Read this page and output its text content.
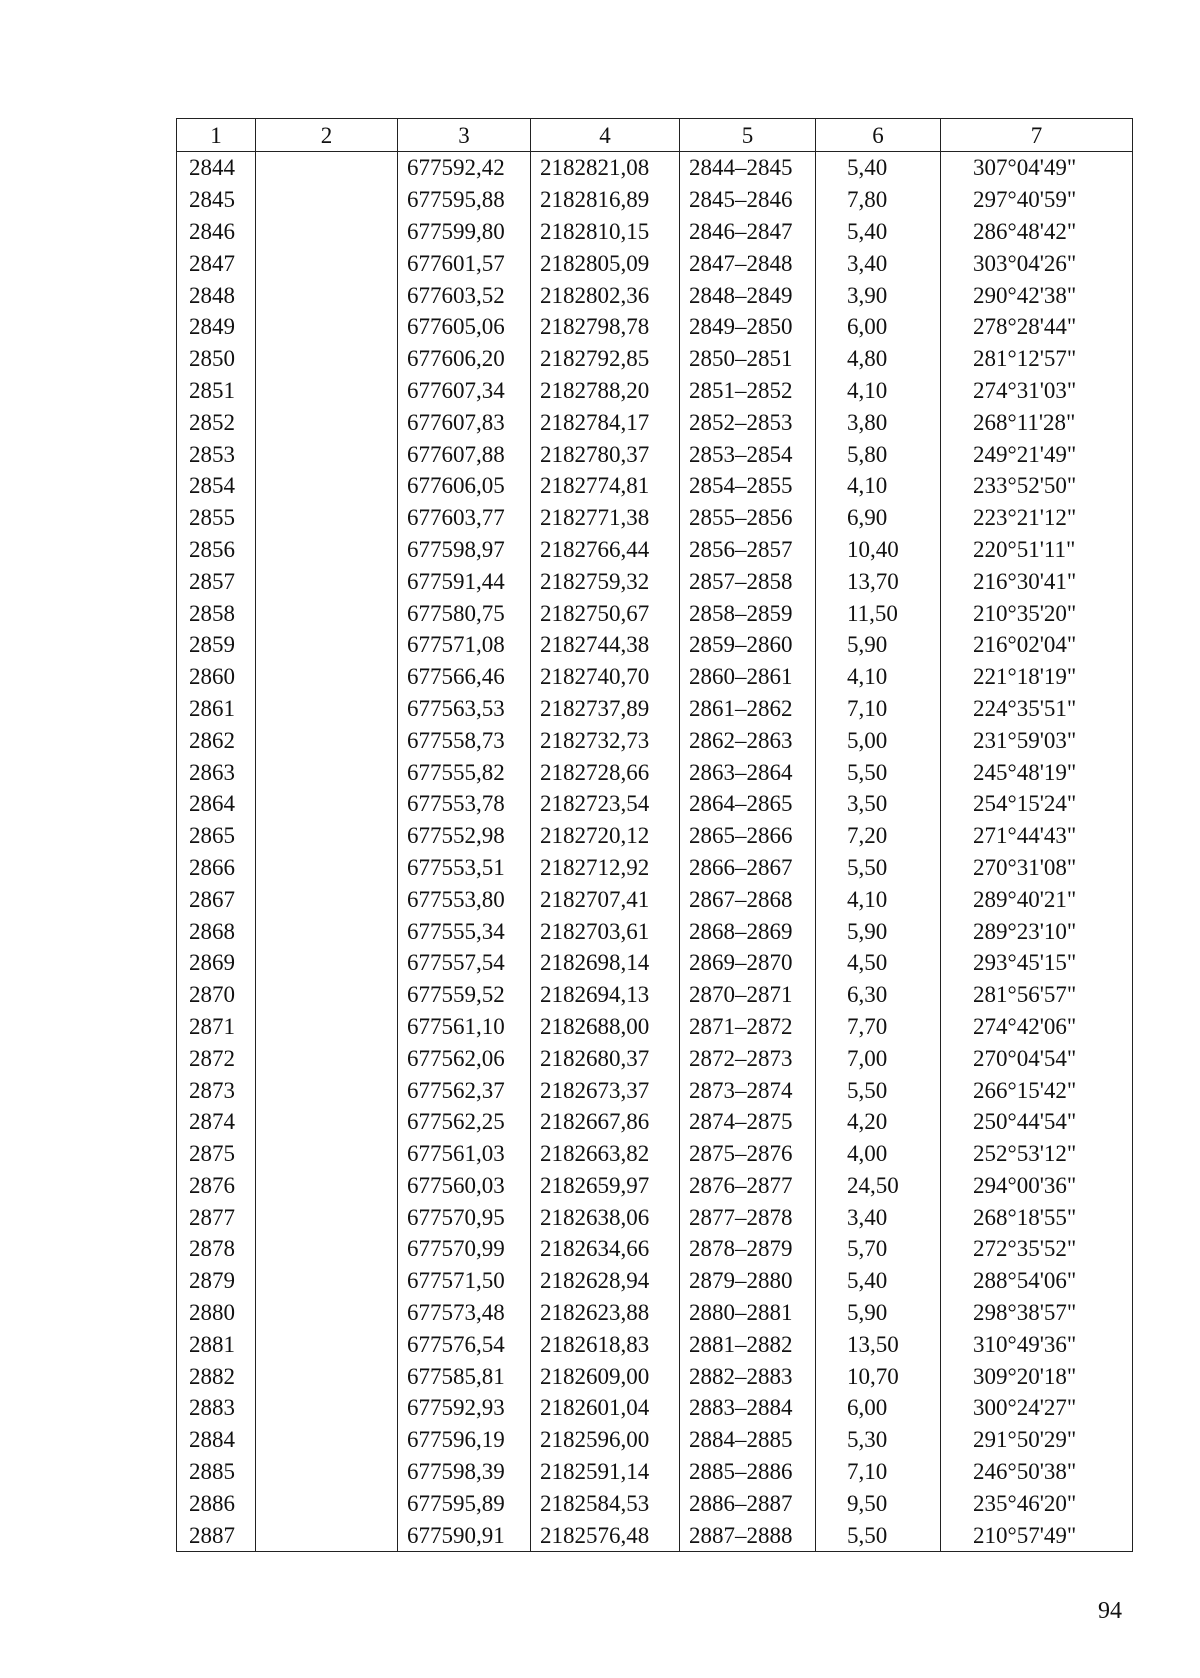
1	2	3	4	5	6	7
2844		677592,42	2182821,08	2844–2845	5,40	307°04'49"
2845		677595,88	2182816,89	2845–2846	7,80	297°40'59"
2846		677599,80	2182810,15	2846–2847	5,40	286°48'42"
2847		677601,57	2182805,09	2847–2848	3,40	303°04'26"
2848		677603,52	2182802,36	2848–2849	3,90	290°42'38"
2849		677605,06	2182798,78	2849–2850	6,00	278°28'44"
2850		677606,20	2182792,85	2850–2851	4,80	281°12'57"
2851		677607,34	2182788,20	2851–2852	4,10	274°31'03"
2852		677607,83	2182784,17	2852–2853	3,80	268°11'28"
2853		677607,88	2182780,37	2853–2854	5,80	249°21'49"
2854		677606,05	2182774,81	2854–2855	4,10	233°52'50"
2855		677603,77	2182771,38	2855–2856	6,90	223°21'12"
2856		677598,97	2182766,44	2856–2857	10,40	220°51'11"
2857		677591,44	2182759,32	2857–2858	13,70	216°30'41"
2858		677580,75	2182750,67	2858–2859	11,50	210°35'20"
2859		677571,08	2182744,38	2859–2860	5,90	216°02'04"
2860		677566,46	2182740,70	2860–2861	4,10	221°18'19"
2861		677563,53	2182737,89	2861–2862	7,10	224°35'51"
2862		677558,73	2182732,73	2862–2863	5,00	231°59'03"
2863		677555,82	2182728,66	2863–2864	5,50	245°48'19"
2864		677553,78	2182723,54	2864–2865	3,50	254°15'24"
2865		677552,98	2182720,12	2865–2866	7,20	271°44'43"
2866		677553,51	2182712,92	2866–2867	5,50	270°31'08"
2867		677553,80	2182707,41	2867–2868	4,10	289°40'21"
2868		677555,34	2182703,61	2868–2869	5,90	289°23'10"
2869		677557,54	2182698,14	2869–2870	4,50	293°45'15"
2870		677559,52	2182694,13	2870–2871	6,30	281°56'57"
2871		677561,10	2182688,00	2871–2872	7,70	274°42'06"
2872		677562,06	2182680,37	2872–2873	7,00	270°04'54"
2873		677562,37	2182673,37	2873–2874	5,50	266°15'42"
2874		677562,25	2182667,86	2874–2875	4,20	250°44'54"
2875		677561,03	2182663,82	2875–2876	4,00	252°53'12"
2876		677560,03	2182659,97	2876–2877	24,50	294°00'36"
2877		677570,95	2182638,06	2877–2878	3,40	268°18'55"
2878		677570,99	2182634,66	2878–2879	5,70	272°35'52"
2879		677571,50	2182628,94	2879–2880	5,40	288°54'06"
2880		677573,48	2182623,88	2880–2881	5,90	298°38'57"
2881		677576,54	2182618,83	2881–2882	13,50	310°49'36"
2882		677585,81	2182609,00	2882–2883	10,70	309°20'18"
2883		677592,93	2182601,04	2883–2884	6,00	300°24'27"
2884		677596,19	2182596,00	2884–2885	5,30	291°50'29"
2885		677598,39	2182591,14	2885–2886	7,10	246°50'38"
2886		677595,89	2182584,53	2886–2887	9,50	235°46'20"
2887		677590,91	2182576,48	2887–2888	5,50	210°57'49"
94
